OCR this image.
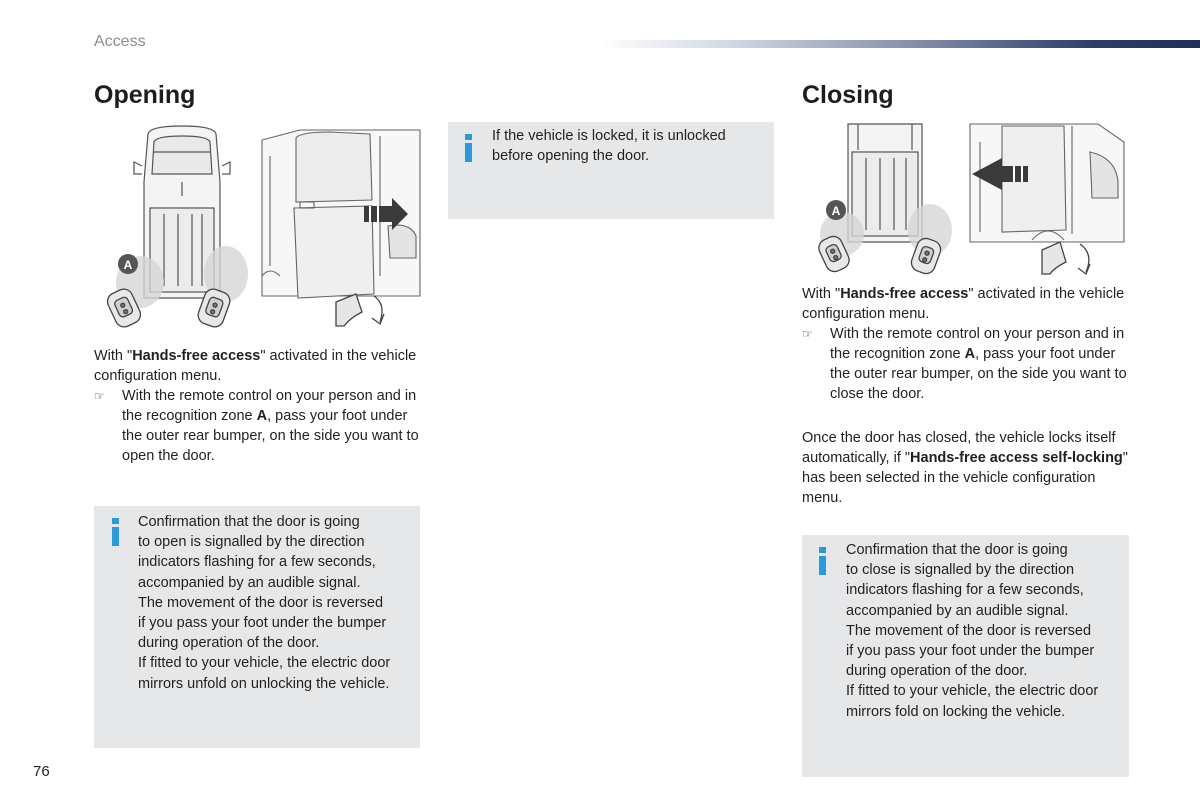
Access
Opening
A

With "Hands-free access" activated in the vehicle configuration menu.

☞ With the remote control on your person and in the recognition zone A, pass your foot under the outer rear bumper, on the side you want to open the door.

Confirmation that the door is going

to open is signalled by the direction

indicators flashing for a few seconds,

accompanied by an audible signal.

The movement of the door is reversed

if you pass your foot under the bumper

during operation of the door.

If fitted to your vehicle, the electric door

mirrors unfold on unlocking the vehicle.

If the vehicle is locked, it is unlocked

before opening the door.

Closing
A

With "Hands-free access" activated in the vehicle configuration menu.

☞ With the remote control on your person and in the recognition zone A, pass your foot under the outer rear bumper, on the side you want to close the door.

Once the door has closed, the vehicle locks itself automatically, if "Hands-free access self-locking" has been selected in the vehicle configuration menu.

Confirmation that the door is going

to close is signalled by the direction

indicators flashing for a few seconds,

accompanied by an audible signal.

The movement of the door is reversed

if you pass your foot under the bumper

during operation of the door.

If fitted to your vehicle, the electric door

mirrors fold on locking the vehicle.

76
